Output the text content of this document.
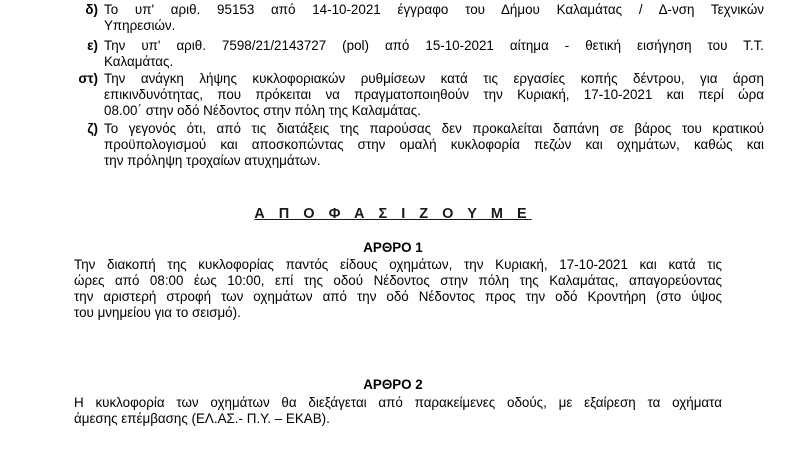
δ) Το υπ' αριθ. 95153 από 14-10-2021 έγγραφο του Δήμου Καλαμάτας / Δ-νση Τεχνικών
Υπηρεσιών.
ε) Την υπ' αριθ. 7598/21/2143727 (pol) από 15-10-2021 αίτημα - θετική εισήγηση του Τ.Τ.
Καλαμάτας.
στ) Την ανάγκη λήψης κυκλοφοριακών ρυθμίσεων κατά τις εργασίες κοπής δέντρου, για άρση
επικινδυνότητας, που πρόκειται να πραγματοποιηθούν την Κυριακή, 17-10-2021 και περί ώρα
08.00΄ στην οδό Νέδοντος στην πόλη της Καλαμάτας.
ζ) Το γεγονός ότι, από τις διατάξεις της παρούσας δεν προκαλείται δαπάνη σε βάρος του κρατικού
προϋπολογισμού και αποσκοπώντας στην ομαλή κυκλοφορία πεζών και οχημάτων, καθώς και
την πρόληψη τροχαίων ατυχημάτων.
Α Π Ο Φ Α Σ Ι Ζ Ο Υ Μ Ε
ΑΡΘΡΟ 1
Την διακοπή της κυκλοφορίας παντός είδους οχημάτων, την Κυριακή, 17-10-2021 και κατά τις
ώρες από 08:00 έως 10:00, επί της οδού Νέδοντος στην πόλη της Καλαμάτας, απαγορεύοντας
την αριστερή στροφή των οχημάτων από την οδό Νέδοντος προς την οδό Κροντήρη (στο ύψος
του μνημείου για το σεισμό).
ΑΡΘΡΟ 2
Η κυκλοφορία των οχημάτων θα διεξάγεται από παρακείμενες οδούς, με εξαίρεση τα οχήματα
άμεσης επέμβασης (ΕΛ.ΑΣ.- Π.Υ. – ΕΚΑΒ).
